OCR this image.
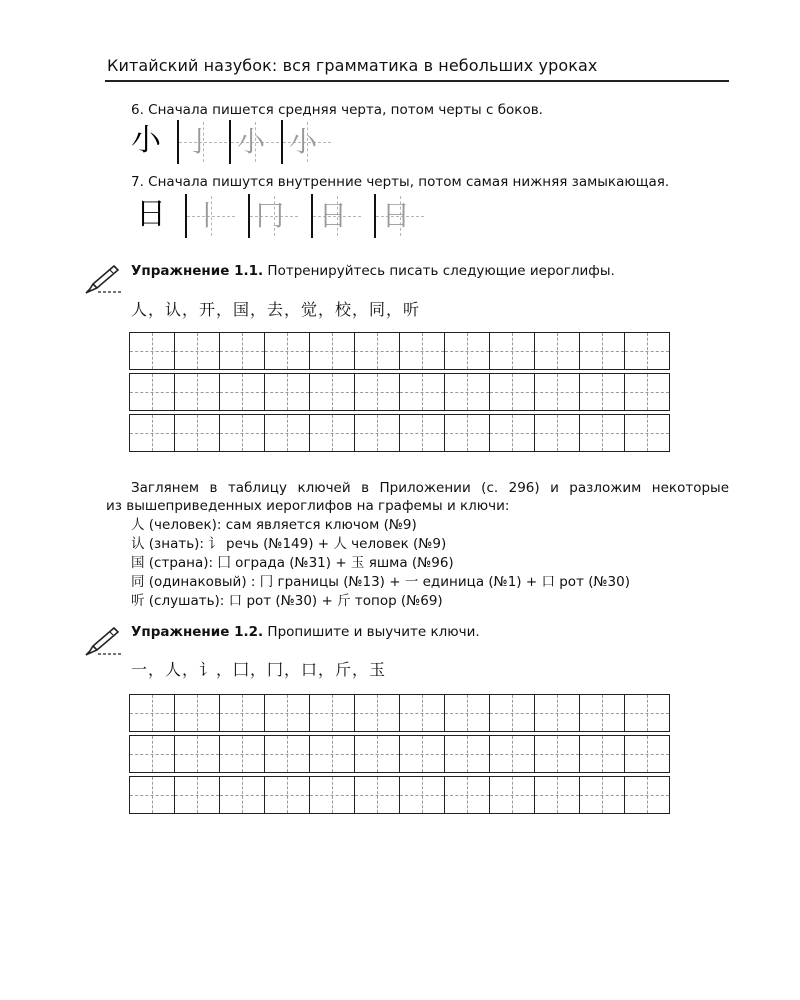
Китайский назубок: вся грамматика в небольших уроках
6. Сначала пишется средняя черта, потом черты с боков.
小 亅 小 小
7. Сначала пишутся внутренние черты, потом самая нижняя замыкающая.
日 丨 冂 日 日
Упражнение 1.1. Потренируйтесь писать следующие иероглифы.
人，认，开，国，去，觉，校，同，听

Заглянем в таблицу ключей в Приложении (с. 296) и разложим некоторые
из вышеприведенных иероглифов на графемы и ключи:
人 (человек): сам является ключом (№9)
认 (знать): 讠 речь (№149) + 人 человек (№9)
国 (страна): 囗 ограда (№31) + 玉 яшма (№96)
同 (одинаковый) : 冂 границы (№13) + 一 единица (№1) + 口 рот (№30)
听 (слушать): 口 рот (№30) + 斤 топор (№69)
Упражнение 1.2. Пропишите и выучите ключи.
一，人，讠，囗，冂，口，斤，玉
